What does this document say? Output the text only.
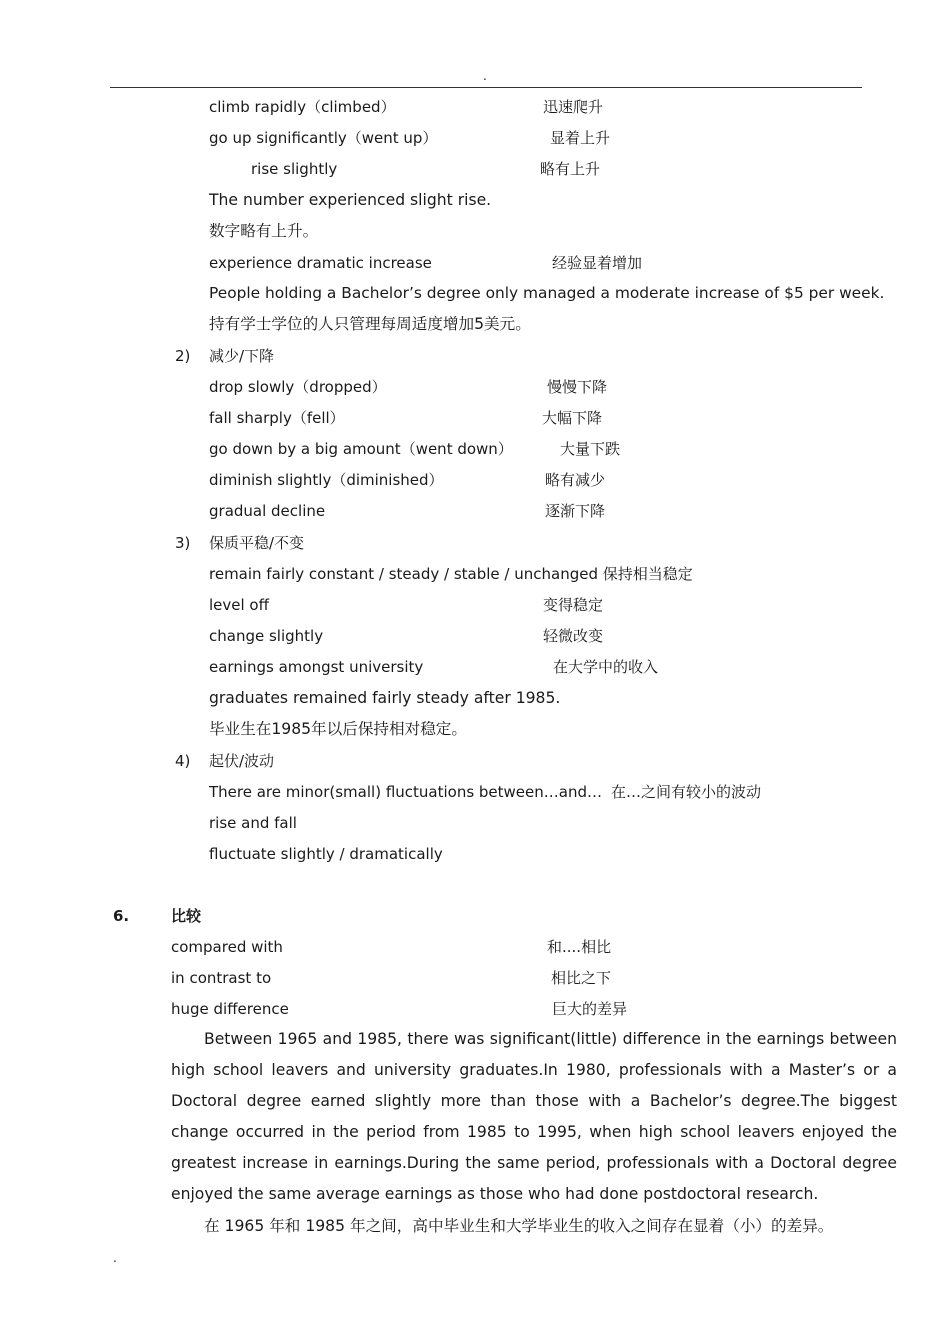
.
climb rapidly（climbed）	迅速爬升
go up significantly（went up）	显着上升
rise slightly	略有上升
The number experienced slight rise.
数字略有上升。
experience dramatic increase	经验显着增加
People holding a Bachelor’s degree only managed a moderate increase of $5 per week.
持有学士学位的人只管理每周适度增加5美元。
2) 减少/下降
drop slowly（dropped）	慢慢下降
fall sharply（fell）	大幅下降
go down by a big amount（went down）	大量下跌
diminish slightly（diminished）	略有减少
gradual decline	逐渐下降
3) 保质平稳/不变
remain fairly constant / steady / stable / unchanged 保持相当稳定
level off	变得稳定
change slightly	轻微改变
earnings amongst university	在大学中的收入
graduates remained fairly steady after 1985.
毕业生在1985年以后保持相对稳定。
4) 起伏/波动
There are minor(small) fluctuations between…and… 在…之间有较小的波动
rise and fall
fluctuate slightly / dramatically
6.	比较
compared with	和....相比
in contrast to	相比之下
huge difference	巨大的差异
Between 1965 and 1985, there was significant(little) difference in the earnings between high school leavers and university graduates.In 1980, professionals with a Master’s or a Doctoral degree earned slightly more than those with a Bachelor’s degree.The biggest change occurred in the period from 1985 to 1995, when high school leavers enjoyed the greatest increase in earnings.During the same period, professionals with a Doctoral degree enjoyed the same average earnings as those who had done postdoctoral research.
在 1965 年和 1985 年之间，高中毕业生和大学毕业生的收入之间存在显着（小）的差异。
.
